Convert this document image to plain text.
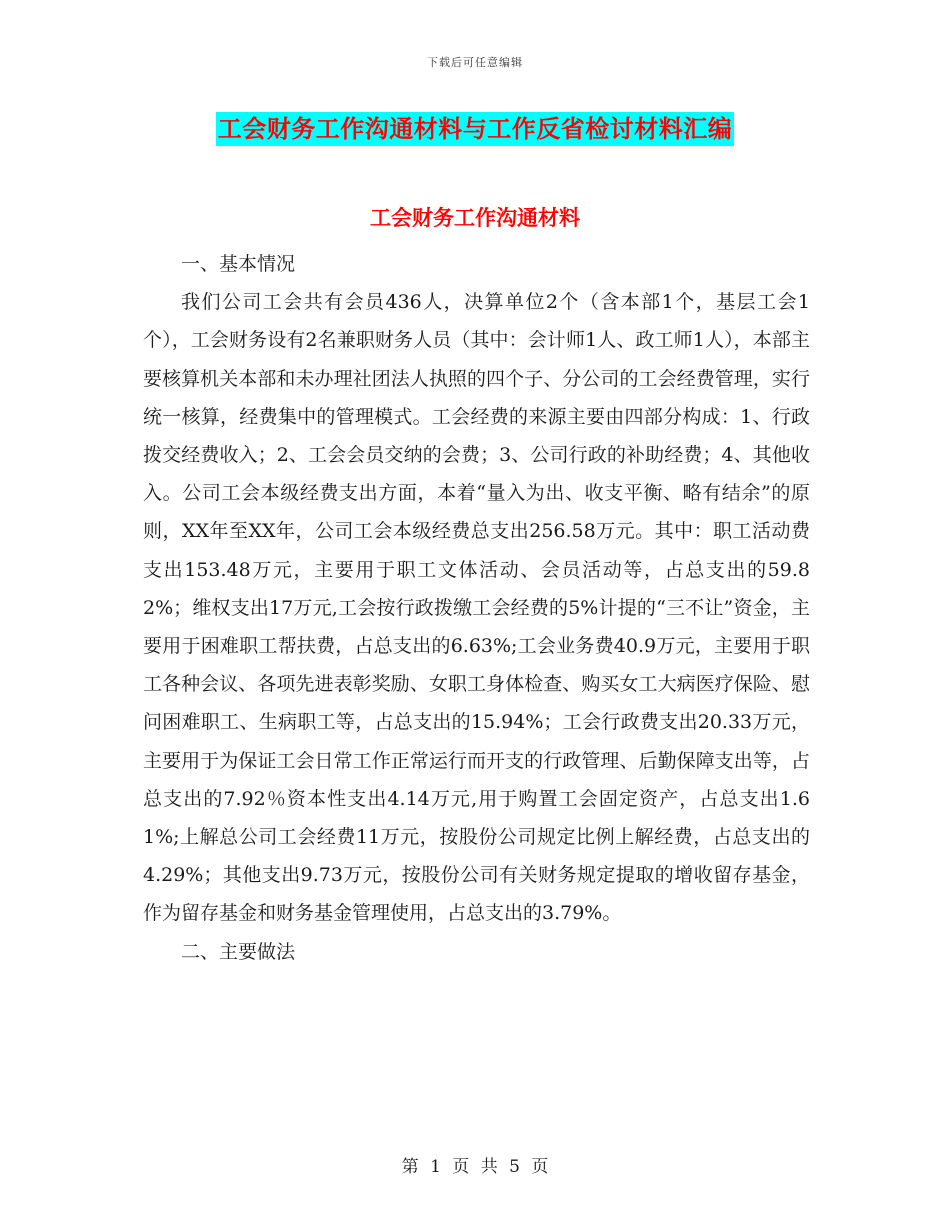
下载后可任意编辑
工会财务工作沟通材料与工作反省检讨材料汇编
工会财务工作沟通材料

一、基本情况

我们公司工会共有会员436人，决算单位2个（含本部1个，基层工会1个），工会财务设有2名兼职财务人员（其中：会计师1人、政工师1人），本部主要核算机关本部和未办理社团法人执照的四个子、分公司的工会经费管理，实行统一核算，经费集中的管理模式。工会经费的来源主要由四部分构成：1、行政拨交经费收入；2、工会会员交纳的会费；3、公司行政的补助经费；4、其他收入。公司工会本级经费支出方面，本着“量入为出、收支平衡、略有结余”的原则，XX年至XX年，公司工会本级经费总支出256.58万元。其中：职工活动费支出153.48万元，主要用于职工文体活动、会员活动等，占总支出的59.82%；维权支出17万元,工会按行政拨缴工会经费的5%计提的“三不让”资金，主要用于困难职工帮扶费，占总支出的6.63%;工会业务费40.9万元，主要用于职工各种会议、各项先进表彰奖励、女职工身体检查、购买女工大病医疗保险、慰问困难职工、生病职工等，占总支出的15.94%；工会行政费支出20.33万元，主要用于为保证工会日常工作正常运行而开支的行政管理、后勤保障支出等，占总支出的7.92％资本性支出4.14万元,用于购置工会固定资产，占总支出1.61%;上解总公司工会经费11万元，按股份公司规定比例上解经费，占总支出的4.29%；其他支出9.73万元，按股份公司有关财务规定提取的增收留存基金，作为留存基金和财务基金管理使用，占总支出的3.79%。

二、主要做法

第 1 页 共 5 页
